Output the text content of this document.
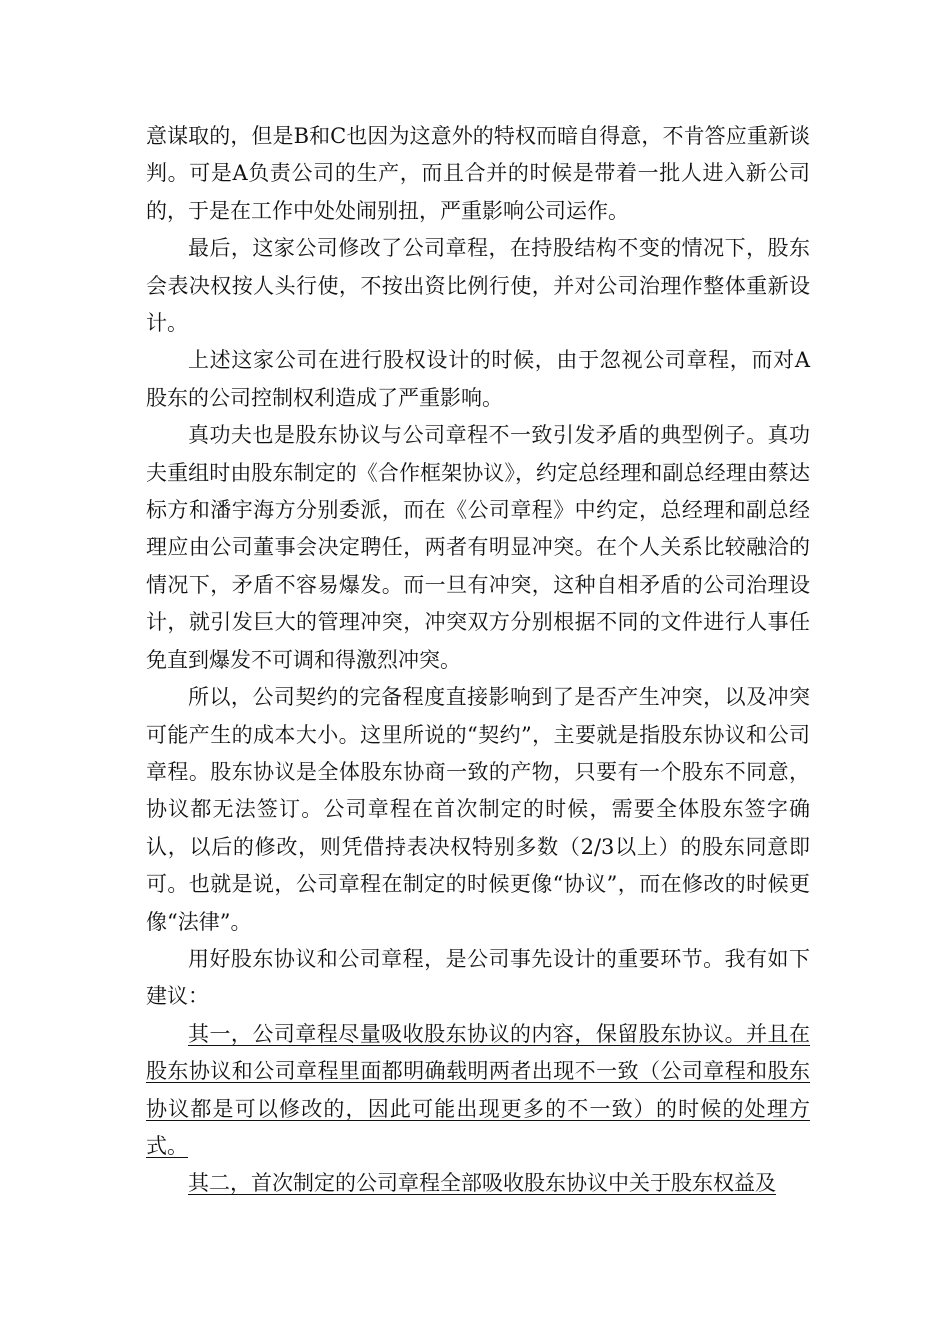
意谋取的，但是B和C也因为这意外的特权而暗自得意，不肯答应重新谈判。可是A负责公司的生产，而且合并的时候是带着一批人进入新公司的，于是在工作中处处闹别扭，严重影响公司运作。

最后，这家公司修改了公司章程，在持股结构不变的情况下，股东会表决权按人头行使，不按出资比例行使，并对公司治理作整体重新设计。

上述这家公司在进行股权设计的时候，由于忽视公司章程，而对A股东的公司控制权利造成了严重影响。

真功夫也是股东协议与公司章程不一致引发矛盾的典型例子。真功夫重组时由股东制定的《合作框架协议》，约定总经理和副总经理由蔡达标方和潘宇海方分别委派，而在《公司章程》中约定，总经理和副总经理应由公司董事会决定聘任，两者有明显冲突。在个人关系比较融洽的情况下，矛盾不容易爆发。而一旦有冲突，这种自相矛盾的公司治理设计，就引发巨大的管理冲突，冲突双方分别根据不同的文件进行人事任免直到爆发不可调和得激烈冲突。

所以，公司契约的完备程度直接影响到了是否产生冲突，以及冲突可能产生的成本大小。这里所说的“契约”，主要就是指股东协议和公司章程。股东协议是全体股东协商一致的产物，只要有一个股东不同意，协议都无法签订。公司章程在首次制定的时候，需要全体股东签字确认，以后的修改，则凭借持表决权特别多数（2/3以上）的股东同意即可。也就是说，公司章程在制定的时候更像“协议”，而在修改的时候更像“法律”。

用好股东协议和公司章程，是公司事先设计的重要环节。我有如下建议：

其一，公司章程尽量吸收股东协议的内容，保留股东协议。并且在股东协议和公司章程里面都明确载明两者出现不一致（公司章程和股东协议都是可以修改的，因此可能出现更多的不一致）的时候的处理方式。

其二，首次制定的公司章程全部吸收股东协议中关于股东权益及
